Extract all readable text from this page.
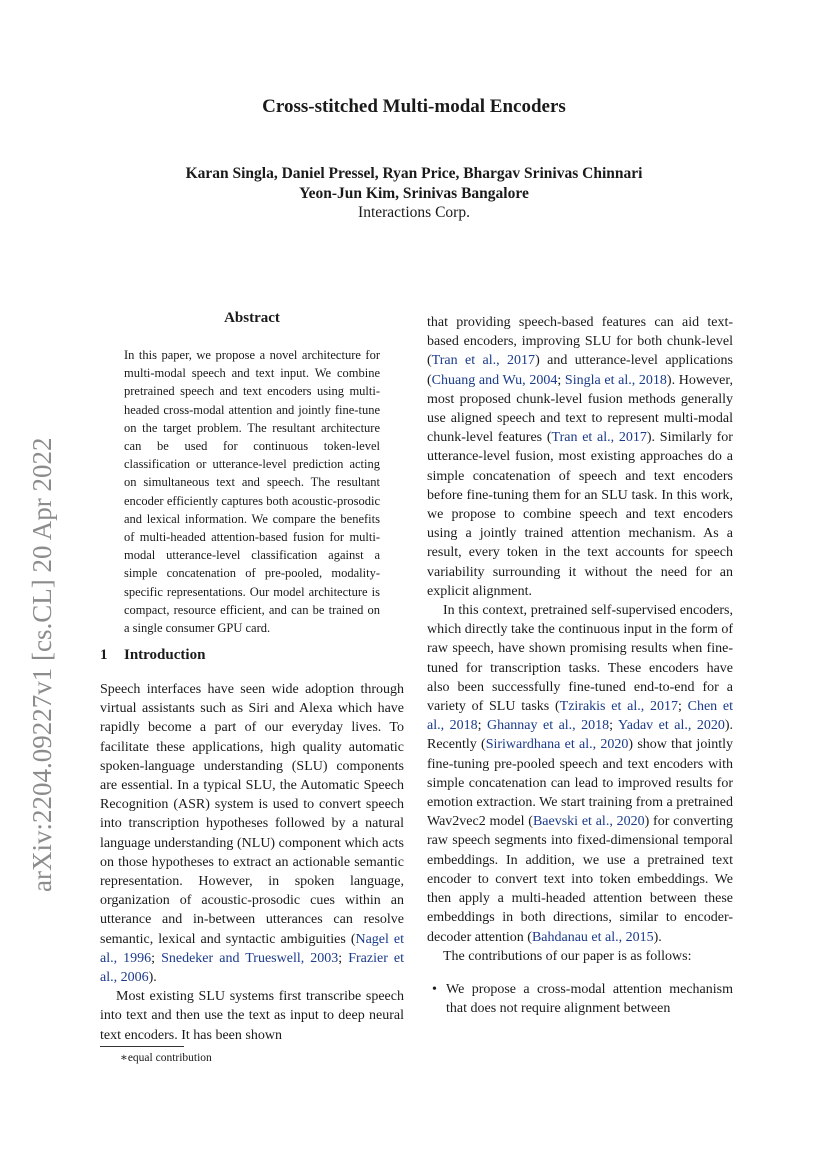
Cross-stitched Multi-modal Encoders
Karan Singla, Daniel Pressel, Ryan Price, Bhargav Srinivas Chinnari
Yeon-Jun Kim, Srinivas Bangalore
Interactions Corp.
arXiv:2204.09227v1 [cs.CL] 20 Apr 2022
Abstract

In this paper, we propose a novel architecture for multi-modal speech and text input. We combine pretrained speech and text encoders using multi-headed cross-modal attention and jointly fine-tune on the target problem. The resultant architecture can be used for continuous token-level classification or utterance-level prediction acting on simultaneous text and speech. The resultant encoder efficiently captures both acoustic-prosodic and lexical information. We compare the benefits of multi-headed attention-based fusion for multi-modal utterance-level classification against a simple concatenation of pre-pooled, modality-specific representations. Our model architecture is compact, resource efficient, and can be trained on a single consumer GPU card.

1 Introduction

Speech interfaces have seen wide adoption through virtual assistants such as Siri and Alexa which have rapidly become a part of our everyday lives. To facilitate these applications, high quality automatic spoken-language understanding (SLU) components are essential. In a typical SLU, the Automatic Speech Recognition (ASR) system is used to convert speech into transcription hypotheses followed by a natural language understanding (NLU) component which acts on those hypotheses to extract an actionable semantic representation. However, in spoken language, organization of acoustic-prosodic cues within an utterance and in-between utterances can resolve semantic, lexical and syntactic ambiguities (Nagel et al., 1996; Snedeker and Trueswell, 2003; Frazier et al., 2006).

Most existing SLU systems first transcribe speech into text and then use the text as input to deep neural text encoders. It has been shown

that providing speech-based features can aid text-based encoders, improving SLU for both chunk-level (Tran et al., 2017) and utterance-level applications (Chuang and Wu, 2004; Singla et al., 2018). However, most proposed chunk-level fusion methods generally use aligned speech and text to represent multi-modal chunk-level features (Tran et al., 2017). Similarly for utterance-level fusion, most existing approaches do a simple concatenation of speech and text encoders before fine-tuning them for an SLU task. In this work, we propose to combine speech and text encoders using a jointly trained attention mechanism. As a result, every token in the text accounts for speech variability surrounding it without the need for an explicit alignment.

In this context, pretrained self-supervised encoders, which directly take the continuous input in the form of raw speech, have shown promising results when fine-tuned for transcription tasks. These encoders have also been successfully fine-tuned end-to-end for a variety of SLU tasks (Tzirakis et al., 2017; Chen et al., 2018; Ghannay et al., 2018; Yadav et al., 2020). Recently (Siriwardhana et al., 2020) show that jointly fine-tuning pre-pooled speech and text encoders with simple concatenation can lead to improved results for emotion extraction. We start training from a pretrained Wav2vec2 model (Baevski et al., 2020) for converting raw speech segments into fixed-dimensional temporal embeddings. In addition, we use a pretrained text encoder to convert text into token embeddings. We then apply a multi-headed attention between these embeddings in both directions, similar to encoder-decoder attention (Bahdanau et al., 2015).

The contributions of our paper is as follows:

• We propose a cross-modal attention mechanism that does not require alignment between
∗equal contribution
